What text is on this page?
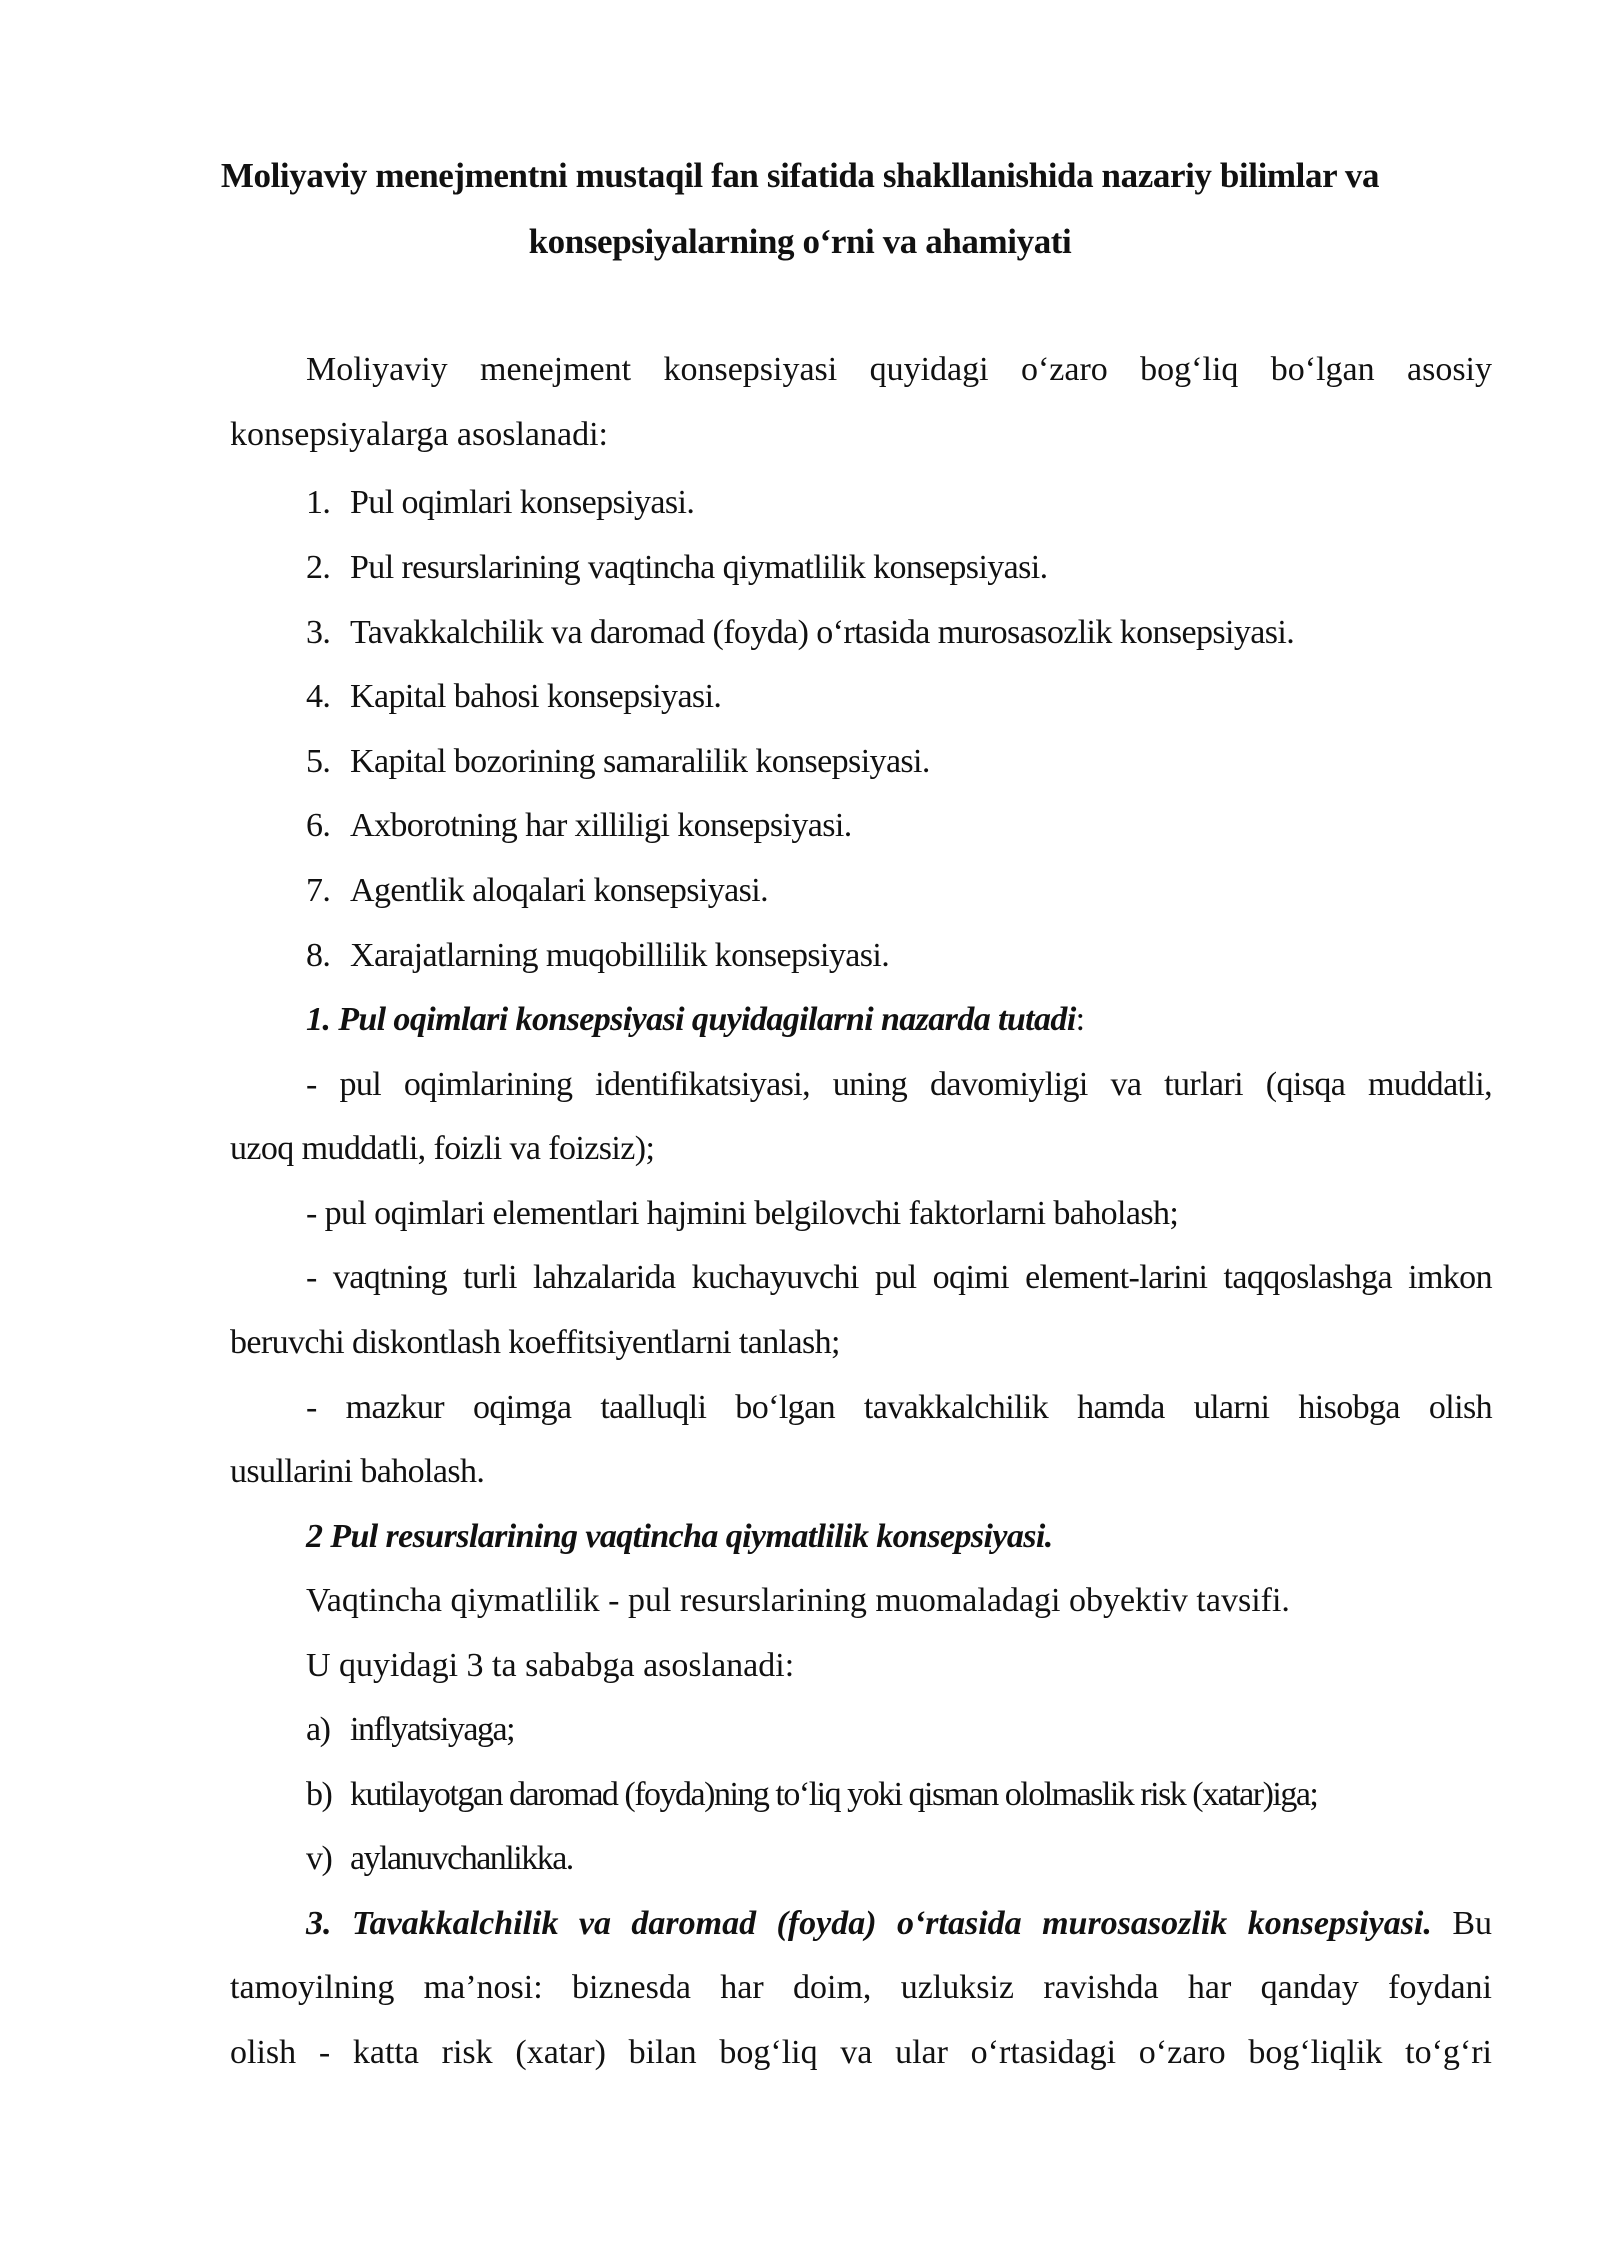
Moliyaviy menejmentni mustaqil fan sifatida shakllanishida nazariy bilimlar va
konsepsiyalarning o‘rni va ahamiyati
Moliyaviy menejment konsepsiyasi quyidagi o‘zaro bog‘liq bo‘lgan asosiy
konsepsiyalarga asoslanadi:
1. Pul oqimlari konsepsiyasi.
2. Pul resurslarining vaqtincha qiymatlilik konsepsiyasi.
3. Tavakkalchilik va daromad (foyda) o‘rtasida murosasozlik konsepsiyasi.
4. Kapital bahosi konsepsiyasi.
5. Kapital bozorining samaralilik konsepsiyasi.
6. Axborotning har xilliligi konsepsiyasi.
7. Agentlik aloqalari konsepsiyasi.
8. Xarajatlarning muqobillilik konsepsiyasi.
1. Pul oqimlari konsepsiyasi quyidagilarni nazarda tutadi:
- pul oqimlarining identifikatsiyasi, uning davomiyligi va turlari (qisqa muddatli,
uzoq muddatli, foizli va foizsiz);
- pul oqimlari elementlari hajmini belgilovchi faktorlarni baholash;
- vaqtning turli lahzalarida kuchayuvchi pul oqimi element-larini taqqoslashga imkon
beruvchi diskontlash koeffitsiyentlarni tanlash;
- mazkur oqimga taalluqli bo‘lgan tavakkalchilik hamda ularni hisobga olish
usullarini baholash.
2 Pul resurslarining vaqtincha qiymatlilik konsepsiyasi.
Vaqtincha qiymatlilik - pul resurslarining muomaladagi obyektiv tavsifi.
U quyidagi 3 ta sababga asoslanadi:
a) inflyatsiyaga;
b) kutilayotgan daromad (foyda)ning to‘liq yoki qisman ololmaslik risk (xatar)iga;
v) aylanuvchanlikka.
3. Tavakkalchilik va daromad (foyda) o‘rtasida murosasozlik konsepsiyasi. Bu
tamoyilning ma’nosi: biznesda har doim, uzluksiz ravishda har qanday foydani
olish - katta risk (xatar) bilan bog‘liq va ular o‘rtasidagi o‘zaro bog‘liqlik to‘g‘ri
